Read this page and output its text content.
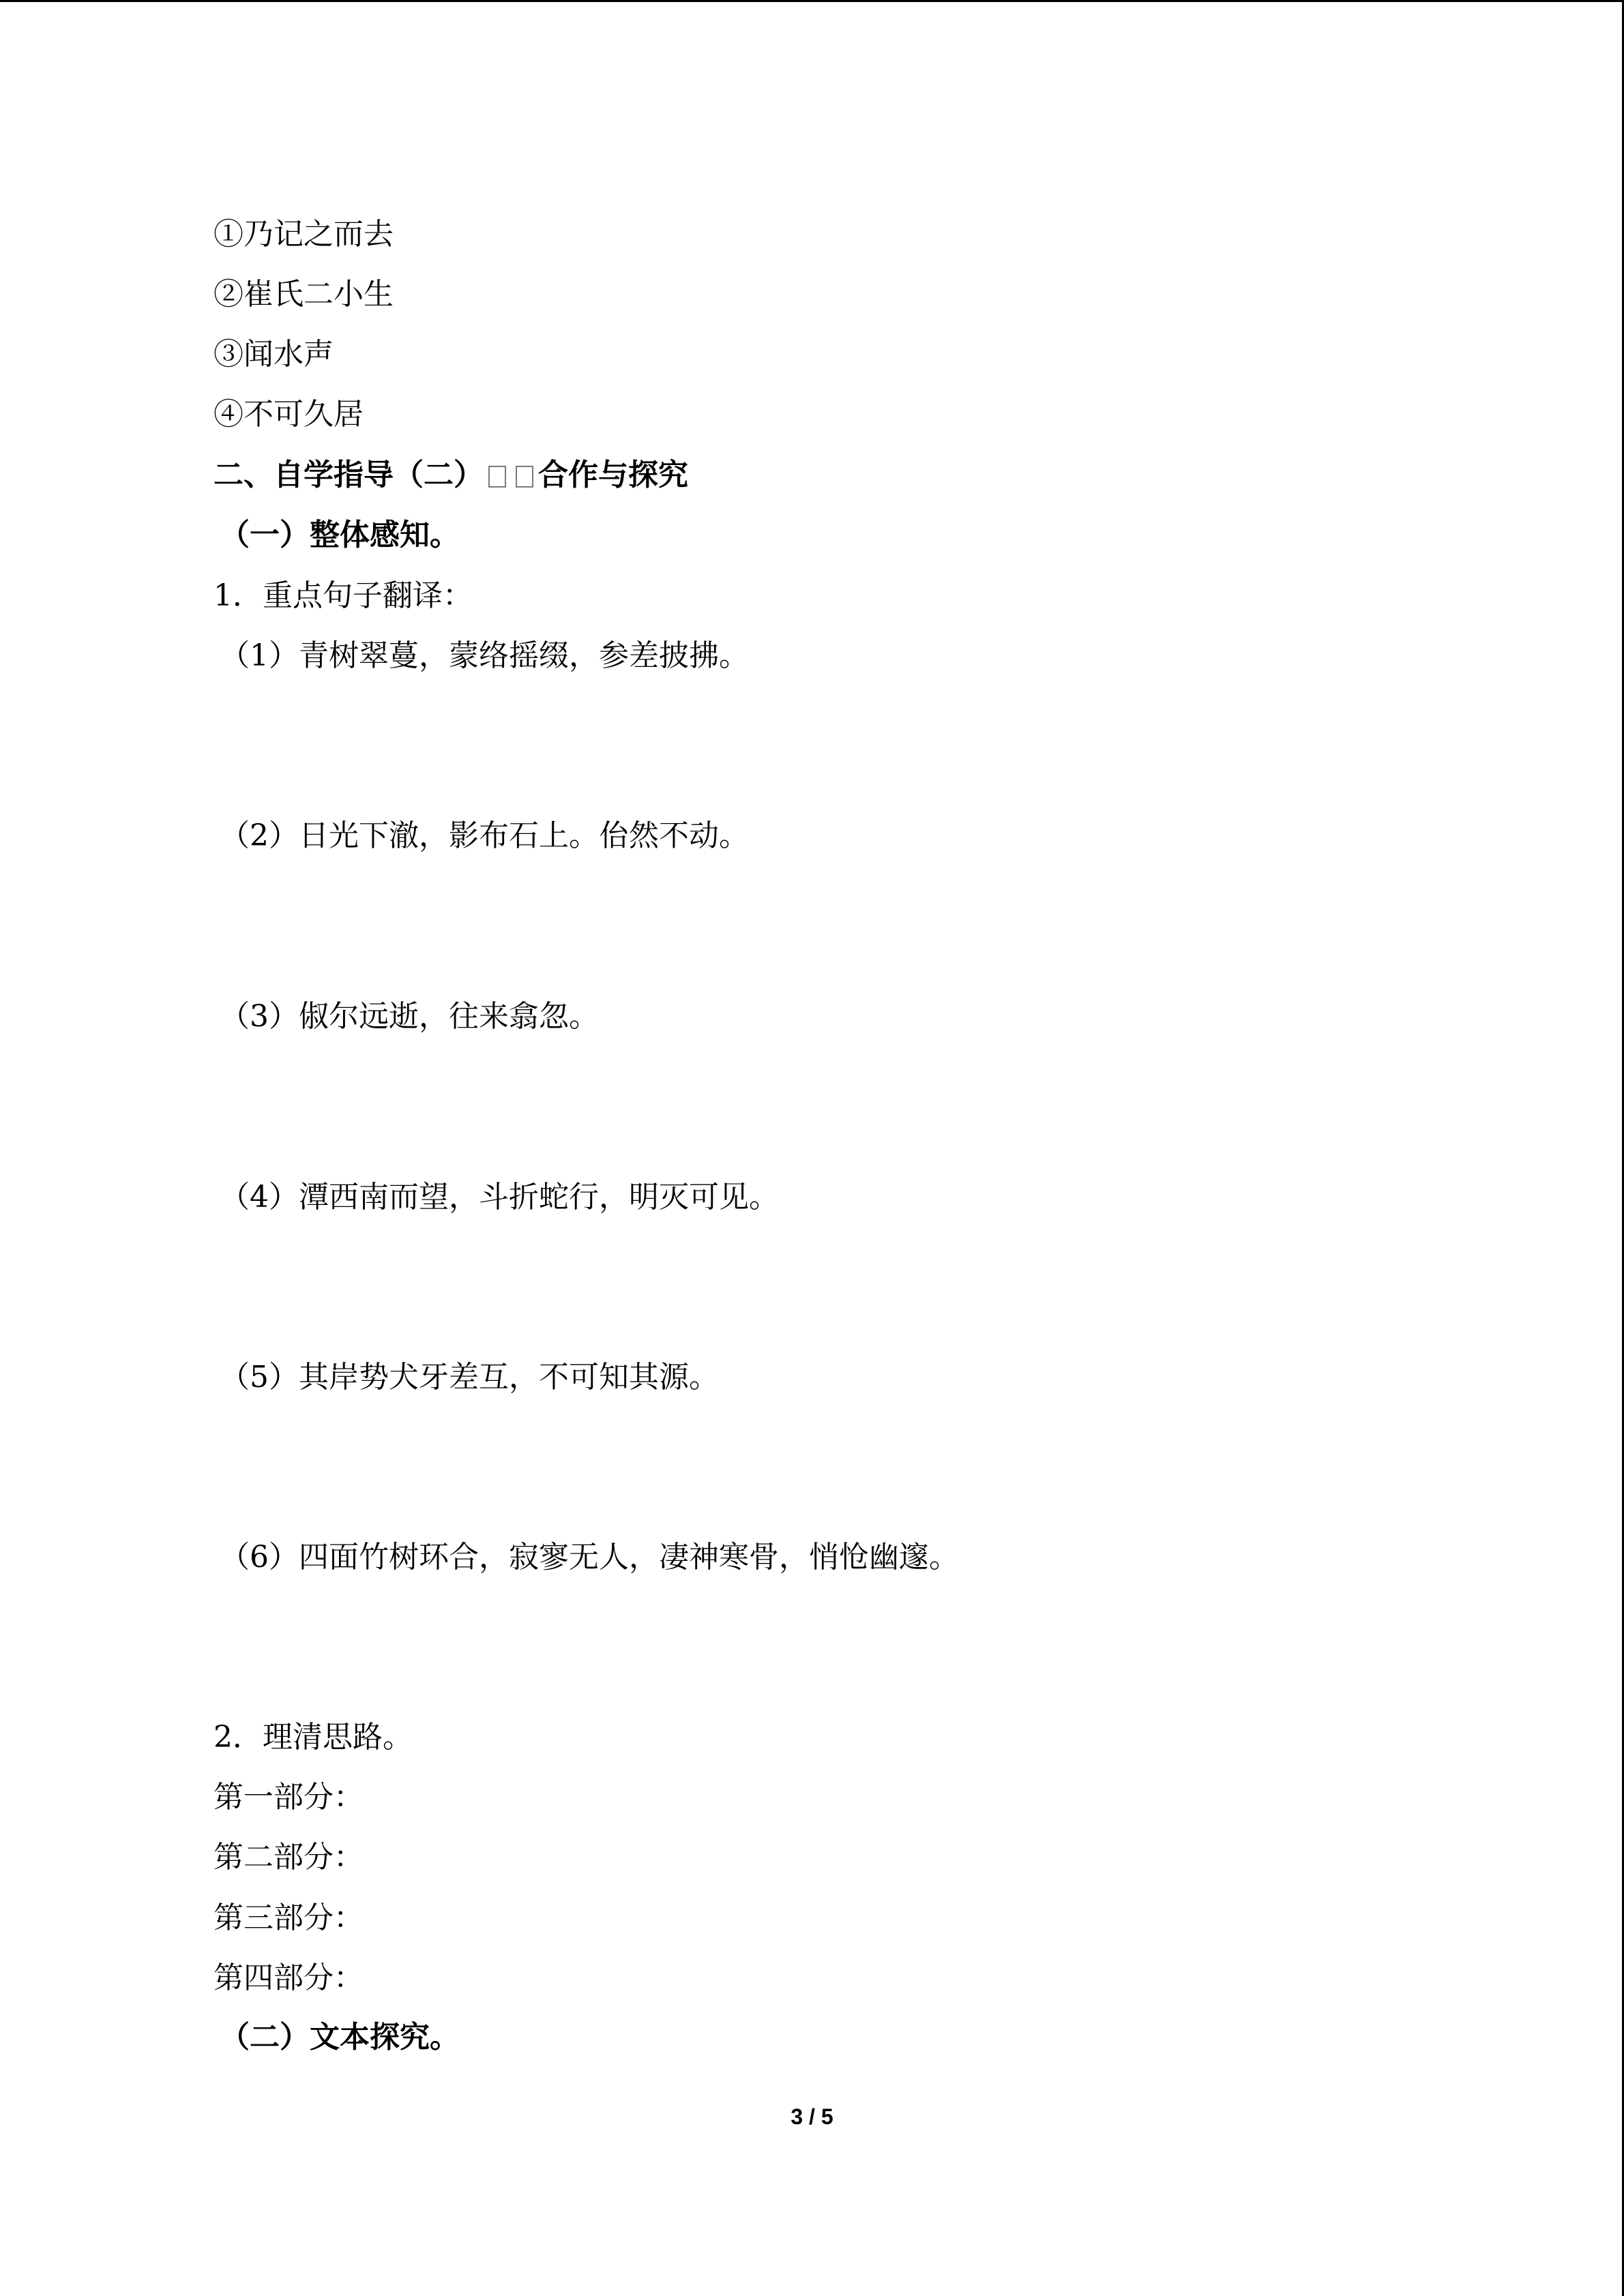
①乃记之而去
②崔氏二小生
③闻水声
④不可久居
二、自学指导（二） 合作与探究
（一）整体感知。
1．重点句子翻译：
（1）青树翠蔓，蒙络摇缀，参差披拂。
（2）日光下澈，影布石上。佁然不动。
（3）俶尔远逝，往来翕忽。
（4）潭西南而望，斗折蛇行，明灭可见。
（5）其岸势犬牙差互，不可知其源。
（6）四面竹树环合，寂寥无人，凄神寒骨，悄怆幽邃。
2．理清思路。
第一部分：
第二部分：
第三部分：
第四部分：
（二）文本探究。
3 / 5
